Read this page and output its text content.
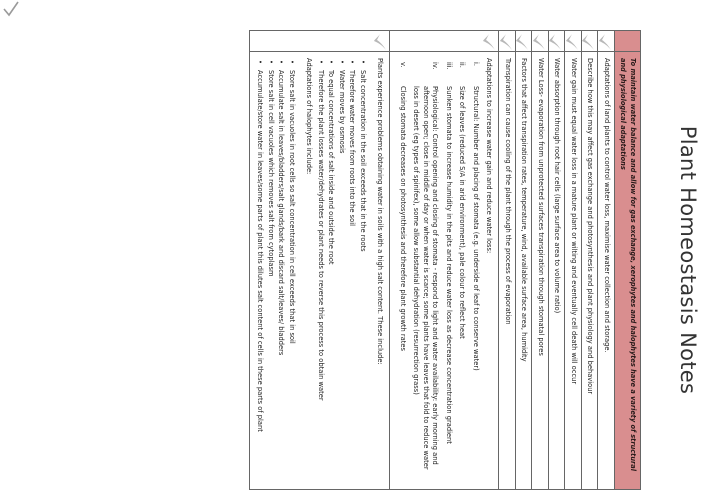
Plant Homeostasis Notes
To maintain water balance and allow for gas exchange, xerophytes and halophytes have a variety of structural and physiological adaptations
Adaptations of land plants to control water loss, maximise water collection and storage.
Describe how this may affect gas exchange and photosynthesis and plant physiology and behaviour
Water gain must equal water loss in a mature plant or wilting and eventually cell death will occur
Water absorption through root hair cells (large surface area to volume ratio)
Water Loss- evaporation from unprotected surfaces transpiration through stomatal pores
Factors that affect transpiration rates, temperature, wind, available surface area, humidity
Transpiration can cause cooling of the plant through the process of evaporation
Adaptations to increase water gain and reduce water loss:
i.
Structural: Number and placing of stomata (e.g. underside of leaf to conserve water)
ii.
Size of leaves (reduced S/A in arid environment), pale colour to reflect heat
iii.
Sunken stomata to increase humidity in the pits and reduce water loss as decrease concentration gradient
iv.
Physiological: Control opening and closing of stomata - respond to light and water availability: early morning and afternoon open; close in middle of day or when water is scarce; some plants have leaves that fold to reduce water loss in desert (eg types of spinifex), some allow substantial dehydration (resurrection grass)
v.
Closing stomata decreases on photosynthesis and therefore plant growth rates
Plants experience problems obtaining water in soils with a high salt content. These include:
• Salt concentration in the soil exceeds that in the roots
• Therefore water moves from roots into the soil
• Water moves by osmosis
• To equal concentrations of salt inside and outside the root
• Therefore the plant losses water/dehydrates or plant needs to reverse this process to obtain water
Adaptations of halophytes include:
• Store salt in vacuoles in root cells so salt concentration in cell exceeds that in soil
• Accumulate salt in leaves/bladders/salt glands/bark and discard salt/leaves/ bladders
• Store salt in cell vacuoles which removes salt from cytoplasm
• Accumulate/store water in leaves/some parts of plant this dilutes salt content of cells in these parts of plant
